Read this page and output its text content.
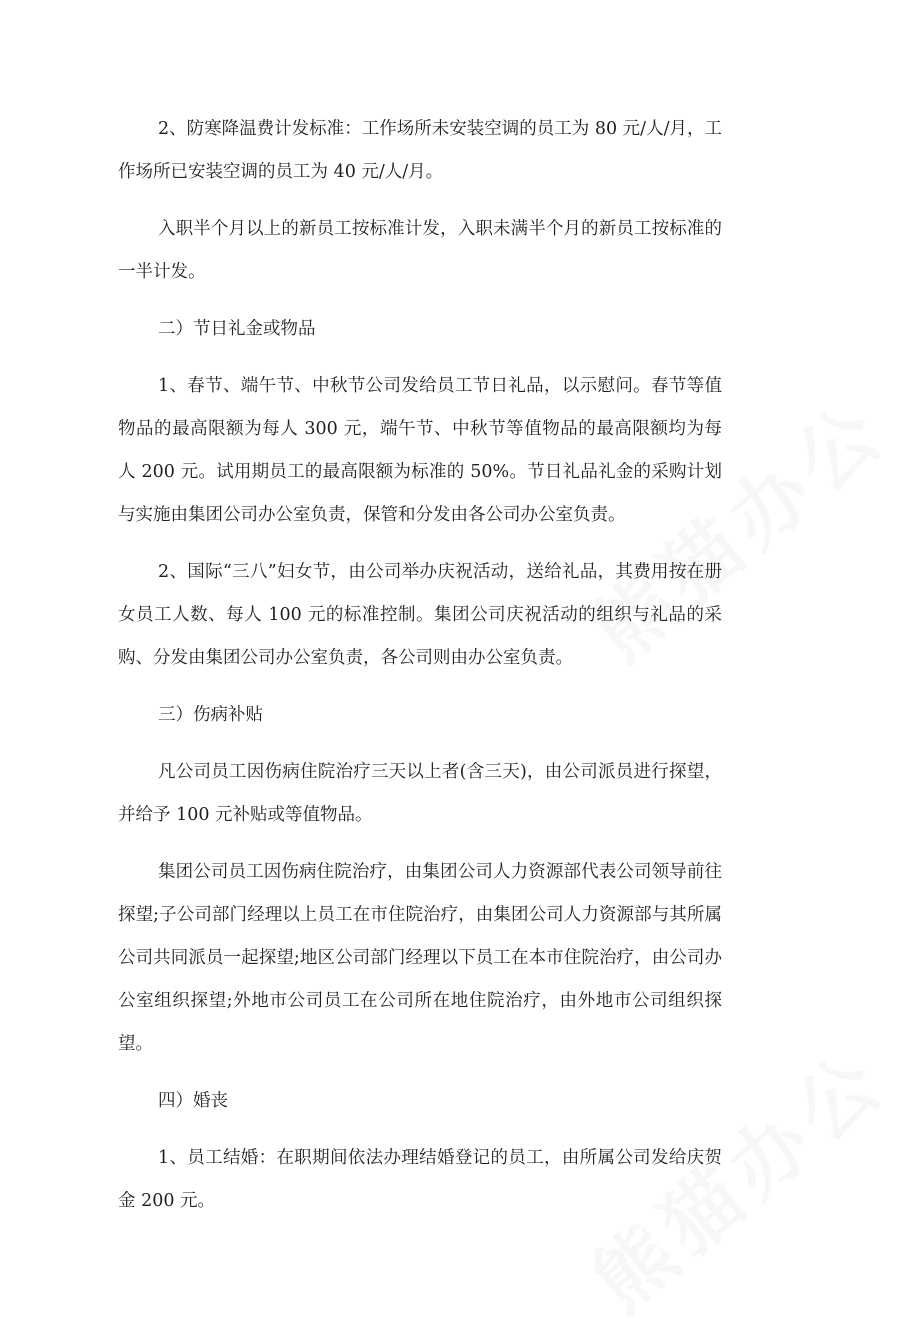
熊猫办公
熊猫办公

2、防寒降温费计发标准：工作场所未安装空调的员工为 80 元/人/月，工作场所已安装空调的员工为 40 元/人/月。

入职半个月以上的新员工按标准计发，入职未满半个月的新员工按标准的一半计发。

二）节日礼金或物品

1、春节、端午节、中秋节公司发给员工节日礼品，以示慰问。春节等值物品的最高限额为每人 300 元，端午节、中秋节等值物品的最高限额均为每人 200 元。试用期员工的最高限额为标准的 50%。节日礼品礼金的采购计划与实施由集团公司办公室负责，保管和分发由各公司办公室负责。

2、国际“三八”妇女节，由公司举办庆祝活动，送给礼品，其费用按在册女员工人数、每人 100 元的标准控制。集团公司庆祝活动的组织与礼品的采购、分发由集团公司办公室负责，各公司则由办公室负责。

三）伤病补贴

凡公司员工因伤病住院治疗三天以上者(含三天)，由公司派员进行探望，并给予 100 元补贴或等值物品。

集团公司员工因伤病住院治疗，由集团公司人力资源部代表公司领导前往探望;子公司部门经理以上员工在市住院治疗，由集团公司人力资源部与其所属公司共同派员一起探望;地区公司部门经理以下员工在本市住院治疗，由公司办公室组织探望;外地市公司员工在公司所在地住院治疗，由外地市公司组织探望。

四）婚丧

1、员工结婚：在职期间依法办理结婚登记的员工，由所属公司发给庆贺金 200 元。
